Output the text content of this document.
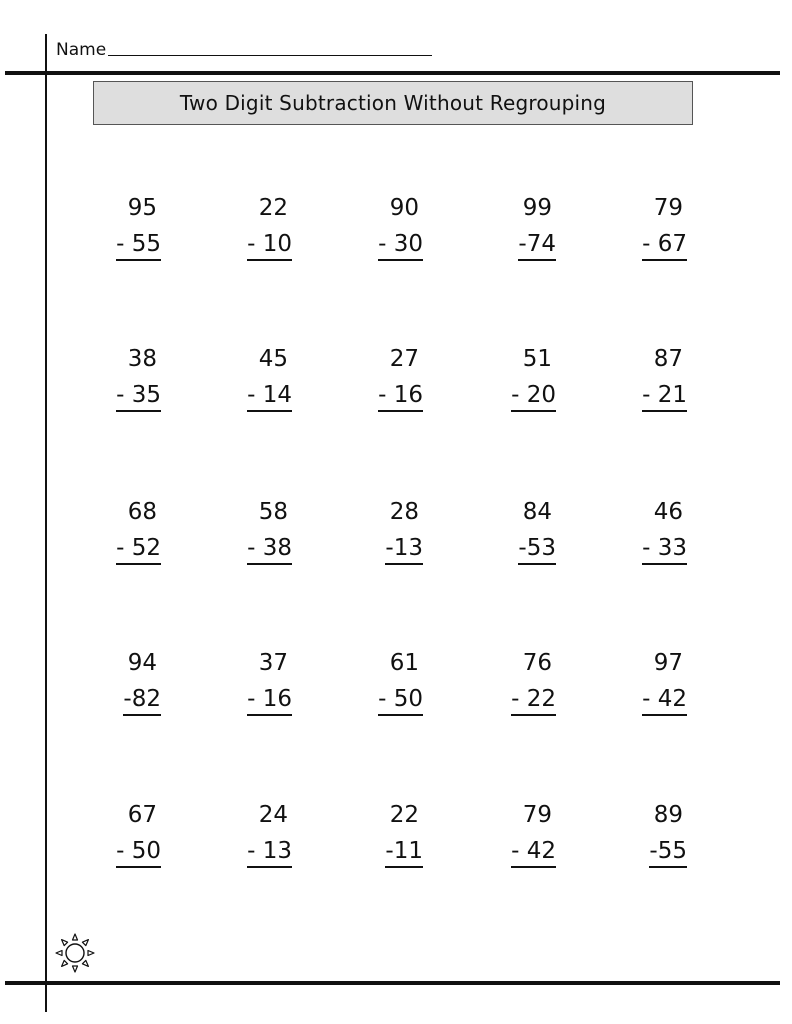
Name
Two Digit Subtraction Without Regrouping
95
- 55
22
- 10
90
- 30
99
-74
79
- 67
38
- 35
45
- 14
27
- 16
51
- 20
87
- 21
68
- 52
58
- 38
28
-13
84
-53
46
- 33
94
-82
37
- 16
61
- 50
76
- 22
97
- 42
67
- 50
24
- 13
22
-11
79
- 42
89
-55
